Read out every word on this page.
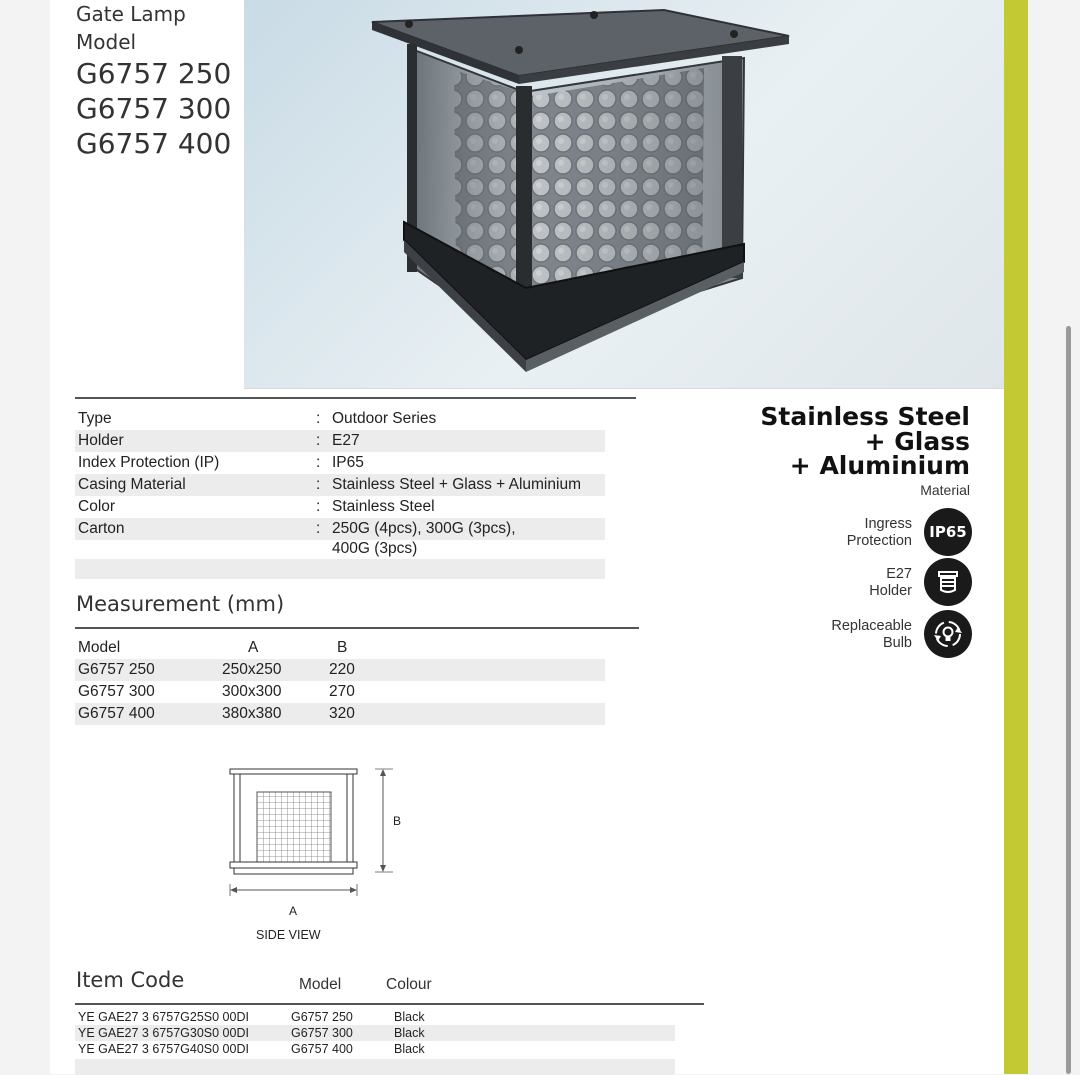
Gate Lamp
Model
G6757 250
G6757 300
G6757 400
Type	: Outdoor Series
Holder	: E27
Index Protection (IP)	: IP65
Casing Material	: Stainless Steel + Glass + Aluminium
Color	: Stainless Steel
Carton	: 250G (4pcs), 300G (3pcs),
400G (3pcs)
Measurement (mm)
Model	A	B
G6757 250	250x250	220
G6757 300	300x300	270
G6757 400	380x380	320
A
B
SIDE VIEW
Item Code	Model	Colour
YE GAE27 3 6757G25S0 00DI	G6757 250	Black
YE GAE27 3 6757G30S0 00DI	G6757 300	Black
YE GAE27 3 6757G40S0 00DI	G6757 400	Black
Stainless Steel
+ Glass
+ Aluminium
Material
Ingress
Protection IP65
E27
Holder
Replaceable
Bulb
